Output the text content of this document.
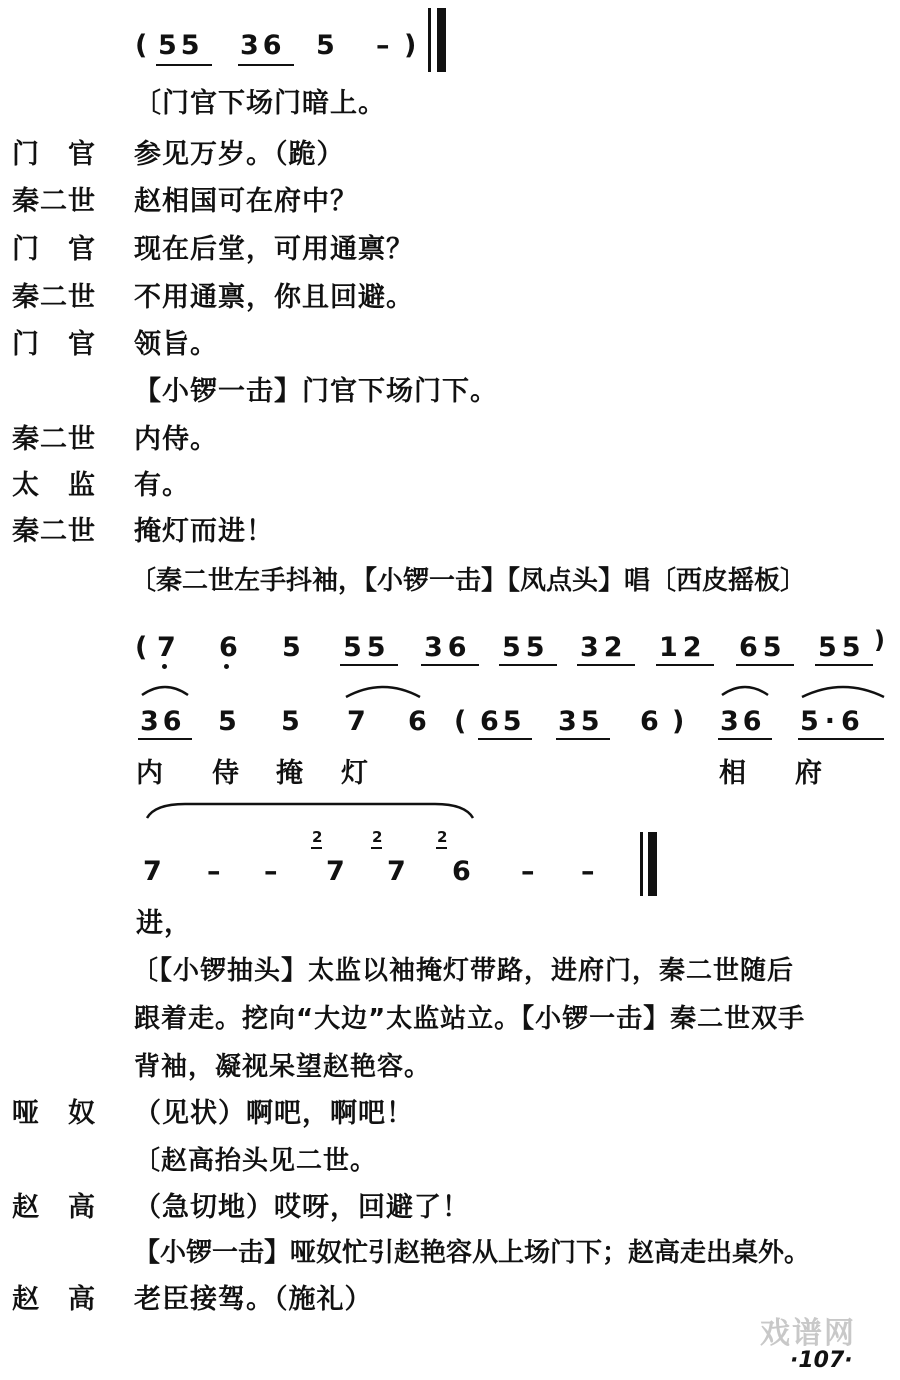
( 55 36 5 – )
〔门官下场门暗上。
门　官 参见万岁。（跪）
秦二世 赵相国可在府中？
门　官 现在后堂，可用通禀？
秦二世 不用通禀，你且回避。
门　官 领旨。
【小锣一击】门官下场门下。
秦二世 内侍。
太　监 有。
秦二世 掩灯而进！
〔秦二世左手抖袖，【小锣一击】【凤点头】唱〔西皮摇板〕
( 7 6 5 55 36 55 32 12 65 55 )
36 5 5 7 6 ( 65 35 6 ) 36 5·6
内 侍 掩 灯	相 府
7 – –
2
7
2
7
2
6 – –
进，
〔【小锣抽头】太监以袖掩灯带路，进府门，秦二世随后
跟着走。挖向“大边”太监站立。【小锣一击】秦二世双手
背袖，凝视呆望赵艳容。
哑　奴 （见状）啊吧，啊吧！
〔赵高抬头见二世。
赵　高 （急切地）哎呀，回避了！
【小锣一击】哑奴忙引赵艳容从上场门下；赵高走出桌外。
赵　高 老臣接驾。（施礼）
戏谱网
·107·
